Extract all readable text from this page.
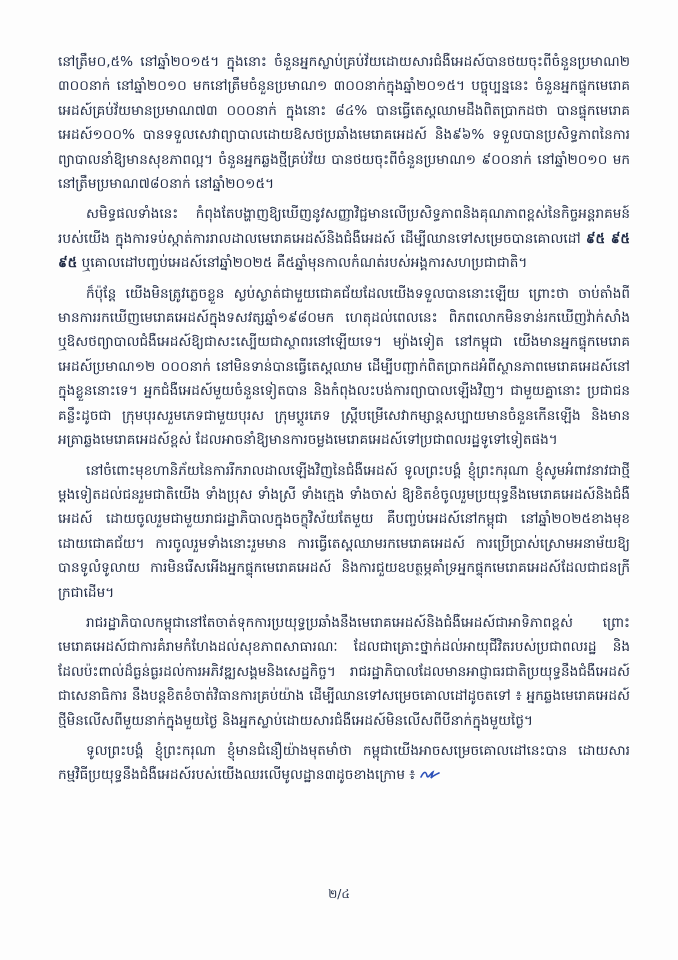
នៅត្រឹម០,៥% នៅឆ្នាំ២០១៥។ ក្នុងនោះ ចំនួនអ្នកស្លាប់គ្រប់វ័យដោយសារជំងឺអេដស៍បានថយចុះពីចំនួនប្រមាណ២ ៣០០នាក់ នៅឆ្នាំ២០១០ មកនៅត្រឹមចំនួនប្រមាណ១ ៣០០នាក់ក្នុងឆ្នាំ២០១៥។ បច្ចុប្បន្ននេះ ចំនួនអ្នកផ្ទុកមេរោគអេដស៍គ្រប់វ័យមានប្រមាណ៧៣ ០០០នាក់ ក្នុងនោះ ៨៤% បានធ្វើតេស្តឈាមដឹងពិតប្រាកដថា បានផ្ទុកមេរោគអេដស៍១០០% បានទទួលសេវាព្យាបាលដោយឱសថប្រឆាំងមេរោគអេដស៍ និង៩៦% ទទួលបានប្រសិទ្ធភាពនៃការព្យាបាលនាំឱ្យមានសុខភាពល្អ។ ចំនួនអ្នកឆ្លងថ្មីគ្រប់វ័យ បានថយចុះពីចំនួនប្រមាណ១ ៩០០នាក់ នៅឆ្នាំ២០១០ មកនៅត្រឹមប្រមាណ៧៨០នាក់ នៅឆ្នាំ២០១៥។

សមិទ្ធផលទាំងនេះ កំពុងតែបង្ហាញឱ្យឃើញនូវសញ្ញាវិជ្ជមានលើប្រសិទ្ធភាពនិងគុណភាពខ្ពស់នៃកិច្ចអន្តរាគមន៍របស់យើង ក្នុងការទប់ស្កាត់ការរាលដាលមេរោគអេដស៍និងជំងឺអេដស៍ ដើម្បីឈានទៅសម្រេចបានគោលដៅ ៩៥ ៩៥ ៩៥ ឬគោលដៅបញ្ចប់អេដស៍នៅឆ្នាំ២០២៥ គឺ៥ឆ្នាំមុនកាលកំណត់របស់អង្គការសហប្រជាជាតិ។

ក៏ប៉ុន្តែ យើងមិនត្រូវភ្លេចខ្លួន ស្ងប់ស្ងាត់ជាមួយជោគជ័យដែលយើងទទួលបាននោះឡើយ ព្រោះថា ចាប់តាំងពីមានការរកឃើញមេរោគអេដស៍ក្នុងទសវត្សឆ្នាំ១៩៨០មក ហេតុដល់ពេលនេះ ពិភពលោកមិនទាន់រកឃើញវ៉ាក់សាំង ឬឱសថព្យាបាលជំងឺអេដស៍ឱ្យជាសះស្បើយជាស្ថាពរនៅឡើយទេ។ ម្យ៉ាងទៀត នៅកម្ពុជា យើងមានអ្នកផ្ទុកមេរោគអេដស៍ប្រមាណ១២ ០០០នាក់ នៅមិនទាន់បានធ្វើតេស្តឈាម ដើម្បីបញ្ជាក់ពិតប្រាកដអំពីស្ថានភាពមេរោគអេដស៍នៅក្នុងខ្លួននោះទេ។ អ្នកជំងឺអេដស៍មួយចំនួនទៀតបាន និងកំពុងលះបង់ការព្យាបាលឡើងវិញ។ ជាមួយគ្នានោះ ប្រជាជនគន្លឹះដូចជា ក្រុមបុរសរួមភេទជាមួយបុរស ក្រុមប្តូរភេទ ស្ត្រីបម្រើសេវាកម្សាន្តសប្បាយមានចំនួនកើនឡើង និងមានអត្រាឆ្លងមេរោគអេដស៍ខ្ពស់ ដែលអាចនាំឱ្យមានការចម្លងមេរោគអេដស៍ទៅប្រជាពលរដ្ឋទូទៅទៀតផង។

នៅចំពោះមុខហានិភ័យនៃការរីករាលដាលឡើងវិញនៃជំងឺអេដស៍ ទូលព្រះបង្គំ ខ្ញុំព្រះករុណា ខ្ញុំសូមអំពាវនាវជាថ្មីម្តងទៀតដល់ជនរួមជាតិយើង ទាំងប្រុស ទាំងស្រី ទាំងក្មេង ទាំងចាស់ ឱ្យខិតខំចូលរួមប្រយុទ្ធនឹងមេរោគអេដស៍និងជំងឺអេដស៍ ដោយចូលរួមជាមួយរាជរដ្ឋាភិបាលក្នុងចក្ខុវិស័យតែមួយ គឺបញ្ចប់អេដស៍នៅកម្ពុជា នៅឆ្នាំ២០២៥ខាងមុខដោយជោគជ័យ។ ការចូលរួមទាំងនោះរួមមាន ការធ្វើតេស្តឈាមរកមេរោគអេដស៍ ការប្រើប្រាស់ស្រោមអនាម័យឱ្យបានទូលំទូលាយ ការមិនរើសអើងអ្នកផ្ទុកមេរោគអេដស៍ និងការជួយឧបត្ថម្ភគាំទ្រអ្នកផ្ទុកមេរោគអេដស៍ដែលជាជនក្រីក្រជាដើម។

រាជរដ្ឋាភិបាលកម្ពុជានៅតែចាត់ទុកការប្រយុទ្ធប្រឆាំងនឹងមេរោគអេដស៍និងជំងឺអេដស៍ជាអាទិភាពខ្ពស់ ព្រោះមេរោគអេដស៍ជាការគំរាមកំហែងដល់សុខភាពសាធារណៈ ដែលជាគ្រោះថ្នាក់ដល់អាយុជីវិតរបស់ប្រជាពលរដ្ឋ និងដែលប៉ះពាល់ដ៏ធ្ងន់ធ្ងរដល់ការអភិវឌ្ឍសង្គមនិងសេដ្ឋកិច្ច។ រាជរដ្ឋាភិបាលដែលមានអាជ្ញាធរជាតិប្រយុទ្ធនឹងជំងឺអេដស៍ជាសេនាធិការ នឹងបន្តខិតខំចាត់វិធានការគ្រប់យ៉ាង ដើម្បីឈានទៅសម្រេចគោលដៅដូចតទៅ ៖ អ្នកឆ្លងមេរោគអេដស៍ថ្មីមិនលើសពីមួយនាក់ក្នុងមួយថ្ងៃ និងអ្នកស្លាប់ដោយសារជំងឺអេដស៍មិនលើសពីបីនាក់ក្នុងមួយថ្ងៃ។

ទូលព្រះបង្គំ ខ្ញុំព្រះករុណា ខ្ញុំមានជំនឿយ៉ាងមុតមាំថា កម្ពុជាយើងអាចសម្រេចគោលដៅនេះបាន ដោយសារកម្មវិធីប្រយុទ្ធនឹងជំងឺអេដស៍របស់យើងឈរលើមូលដ្ឋាន៣ដូចខាងក្រោម ៖

២/៤
